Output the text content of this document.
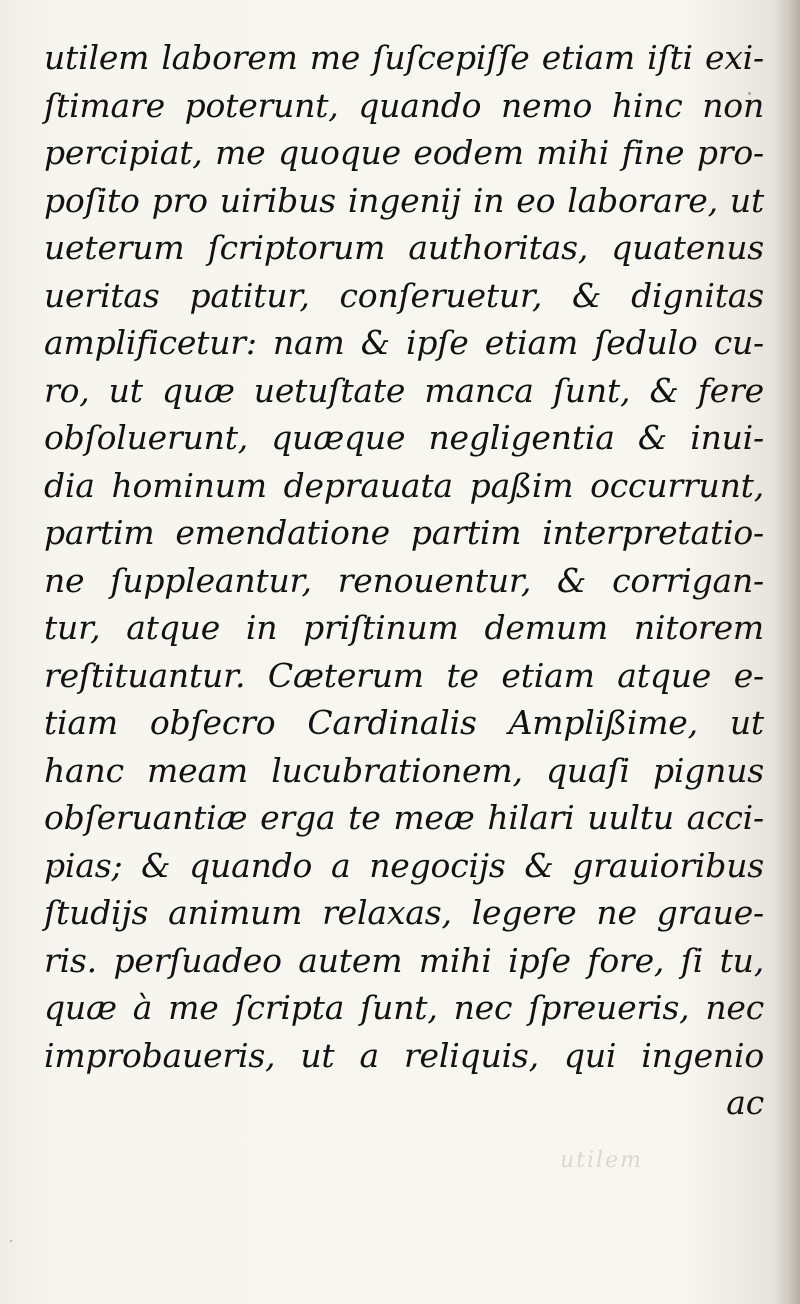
utilem laborem me ſuſcepiſſe etiam iſti exi-
ſtimare poterunt, quando nemo hinc non
percipiat, me quoque eodem mihi fine pro-
poſito pro uiribus ingenij in eo laborare, ut
ueterum ſcriptorum authoritas, quatenus
ueritas patitur, conſeruetur, & dignitas
amplificetur: nam & ipſe etiam ſedulo cu-
ro, ut quæ uetuſtate manca ſunt, & fere
obſoluerunt, quæque negligentia & inui-
dia hominum deprauata paßim occurrunt,
partim emendatione partim interpretatio-
ne ſuppleantur, renouentur, & corrigan-
tur, atque in priſtinum demum nitorem
reſtituantur. Cæterum te etiam atque e-
tiam obſecro Cardinalis Amplißime, ut
hanc meam lucubrationem, quaſi pignus
obſeruantiæ erga te meæ hilari uultu acci-
pias; & quando a negocijs & grauioribus
ſtudijs animum relaxas, legere ne graue-
ris. perſuadeo autem mihi ipſe fore, ſi tu,
quæ à me ſcripta ſunt, nec ſpreueris, nec
improbaueris, ut a reliquis, qui ingenio
ac
utilem
